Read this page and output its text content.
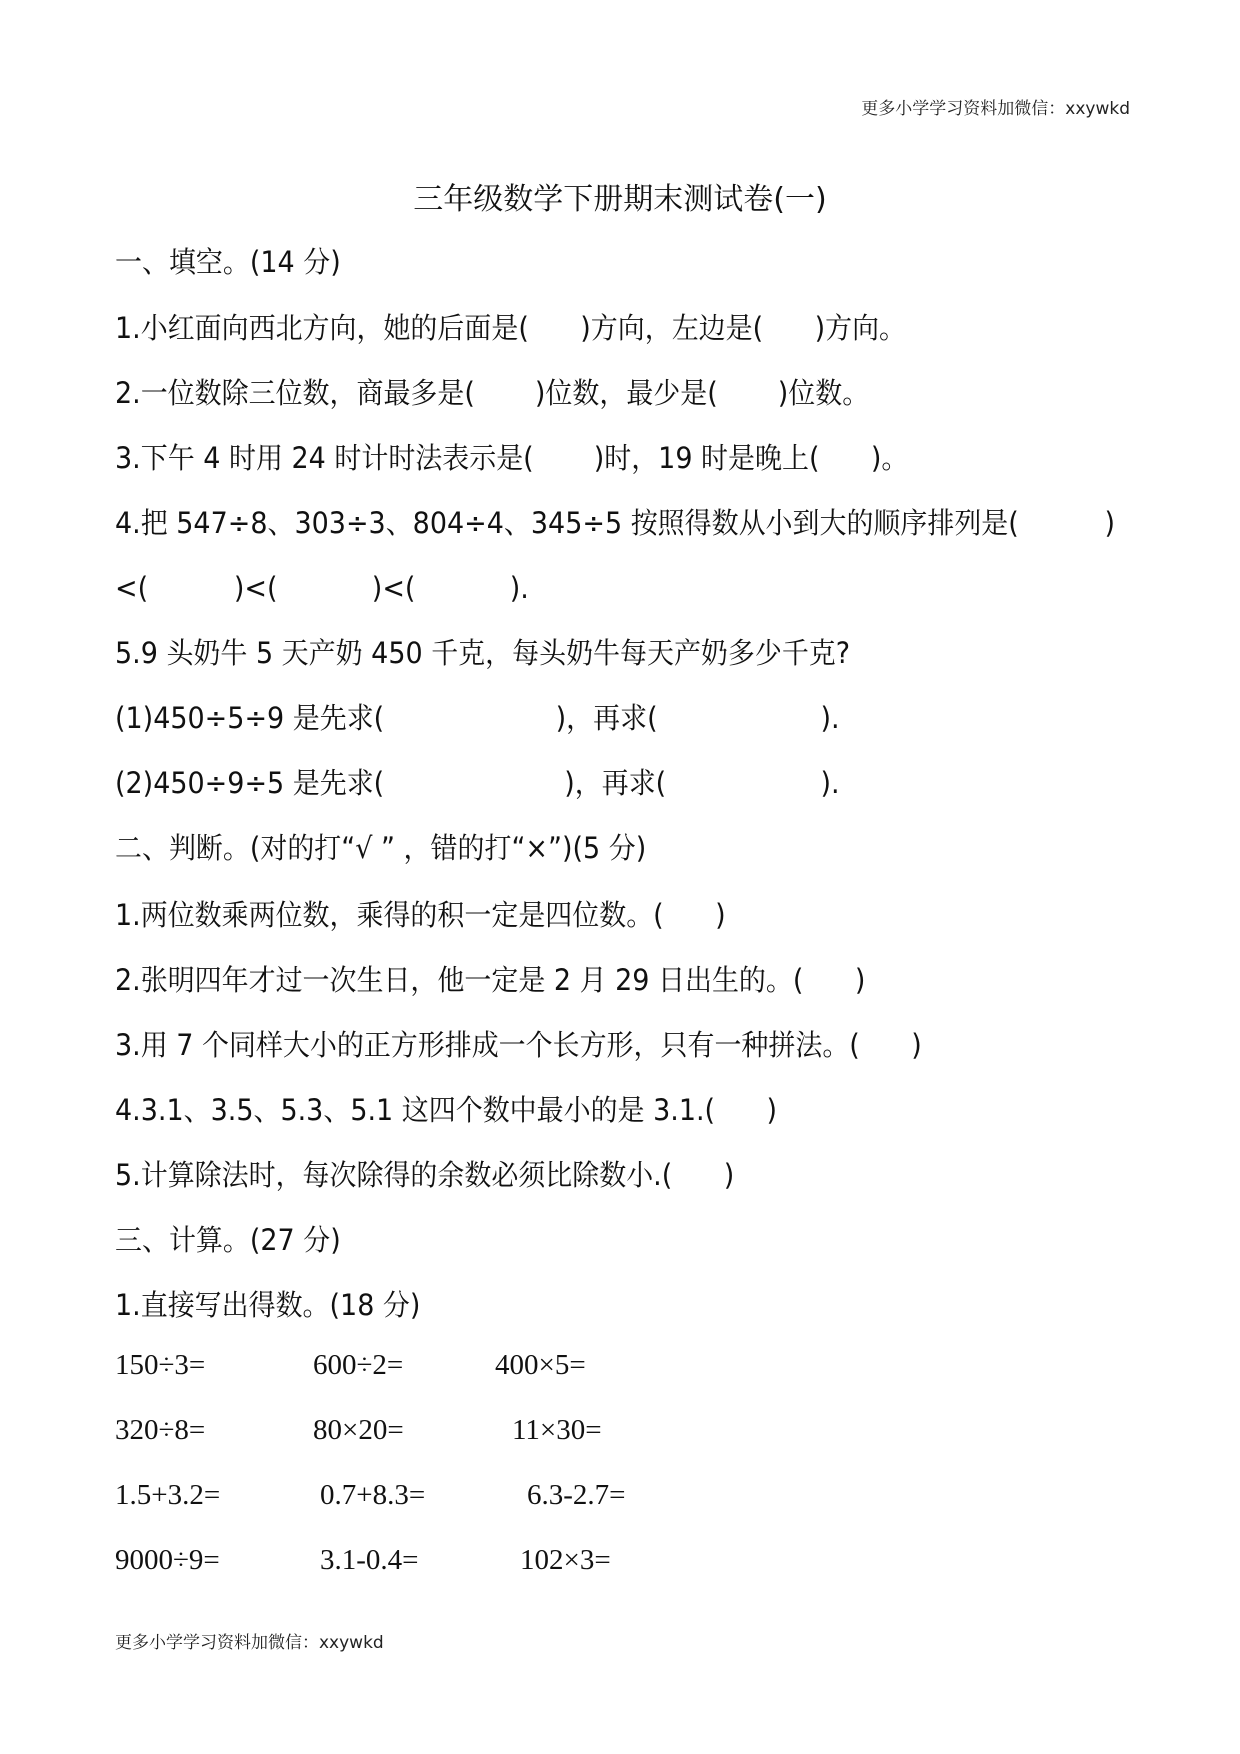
更多小学学习资料加微信：xxywkd
三年级数学下册期末测试卷(一)
一、填空。(14 分)
1.小红面向西北方向，她的后面是(      )方向，左边是(      )方向。
2.一位数除三位数，商最多是(       )位数，最少是(       )位数。
3.下午 4 时用 24 时计时法表示是(       )时，19 时是晚上(      )。
4.把 547÷8、303÷3、804÷4、345÷5 按照得数从小到大的顺序排列是(          )
<(          )<(           )<(           ).
5.9 头奶牛 5 天产奶 450 千克，每头奶牛每天产奶多少千克?
(1)450÷5÷9 是先求(                    )，再求(                   ).
(2)450÷9÷5 是先求(                     )，再求(                  ).
二、判断。(对的打“√ ” ，错的打“×”)(5 分)
1.两位数乘两位数，乘得的积一定是四位数。(      )
2.张明四年才过一次生日，他一定是 2 月 29 日出生的。(      )
3.用 7 个同样大小的正方形排成一个长方形，只有一种拼法。(      )
4.3.1、3.5、5.3、5.1 这四个数中最小的是 3.1.(      )
5.计算除法时，每次除得的余数必须比除数小.(      )
三、计算。(27 分)
1.直接写出得数。(18 分)
150÷3=	600÷2=	400×5=
320÷8=	80×20=	11×30=
1.5+3.2=	0.7+8.3=	6.3-2.7=
9000÷9=	3.1-0.4=	102×3=
更多小学学习资料加微信：xxywkd
